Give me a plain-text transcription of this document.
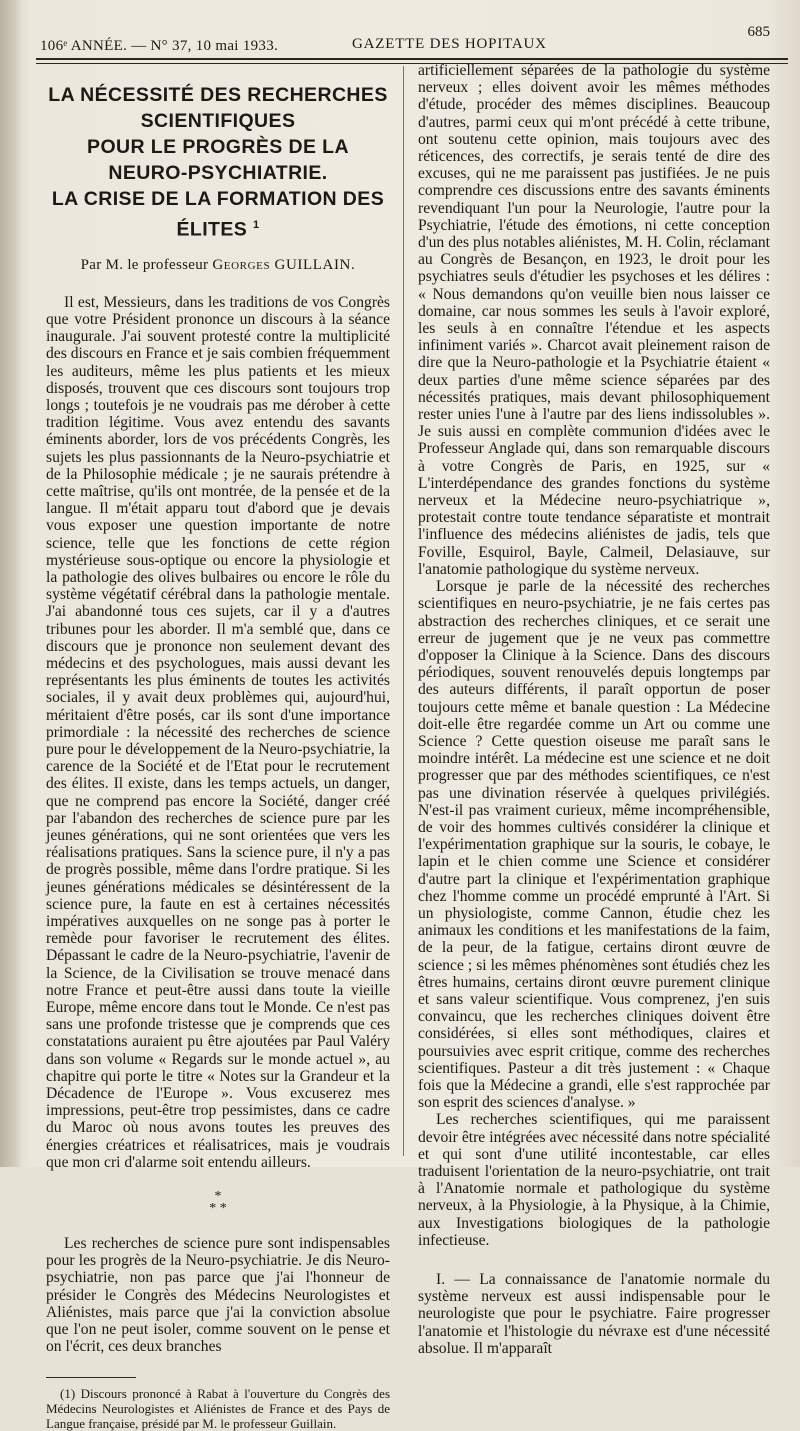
106ᵉ ANNÉE. — N° 37, 10 mai 1933.	GAZETTE DES HOPITAUX
685
LA NÉCESSITÉ DES RECHERCHES SCIENTIFIQUES
POUR LE PROGRÈS DE LA NEURO-PSYCHIATRIE.
LA CRISE DE LA FORMATION DES ÉLITES $^1$
Par M. le professeur Georges GUILLAIN.

Il est, Messieurs, dans les traditions de vos Congrès que votre Président prononce un discours à la séance inaugurale. J'ai souvent protesté contre la multiplicité des discours en France et je sais combien fréquemment les auditeurs, même les plus patients et les mieux disposés, trouvent que ces discours sont toujours trop longs ; toutefois je ne voudrais pas me dérober à cette tradition légitime. Vous avez entendu des savants éminents aborder, lors de vos précédents Congrès, les sujets les plus passionnants de la Neuro-psychiatrie et de la Philosophie médicale ; je ne saurais prétendre à cette maîtrise, qu'ils ont montrée, de la pensée et de la langue. Il m'était apparu tout d'abord que je devais vous exposer une question importante de notre science, telle que les fonctions de cette région mystérieuse sous-optique ou encore la physiologie et la pathologie des olives bulbaires ou encore le rôle du système végétatif cérébral dans la pathologie mentale. J'ai abandonné tous ces sujets, car il y a d'autres tribunes pour les aborder. Il m'a semblé que, dans ce discours que je prononce non seulement devant des médecins et des psychologues, mais aussi devant les représentants les plus éminents de toutes les activités sociales, il y avait deux problèmes qui, aujourd'hui, méritaient d'être posés, car ils sont d'une importance primordiale : la nécessité des recherches de science pure pour le développement de la Neuro-psychiatrie, la carence de la Société et de l'Etat pour le recrutement des élites. Il existe, dans les temps actuels, un danger, que ne comprend pas encore la Société, danger créé par l'abandon des recherches de science pure par les jeunes générations, qui ne sont orientées que vers les réalisations pratiques. Sans la science pure, il n'y a pas de progrès possible, même dans l'ordre pratique. Si les jeunes générations médicales se désintéressent de la science pure, la faute en est à certaines nécessités impératives auxquelles on ne songe pas à porter le remède pour favoriser le recrutement des élites. Dépassant le cadre de la Neuro-psychiatrie, l'avenir de la Science, de la Civilisation se trouve menacé dans notre France et peut-être aussi dans toute la vieille Europe, même encore dans tout le Monde. Ce n'est pas sans une profonde tristesse que je comprends que ces constatations auraient pu être ajoutées par Paul Valéry dans son volume « Regards sur le monde actuel », au chapitre qui porte le titre « Notes sur la Grandeur et la Décadence de l'Europe ». Vous excuserez mes impressions, peut-être trop pessimistes, dans ce cadre du Maroc où nous avons toutes les preuves des énergies créatrices et réalisatrices, mais je voudrais que mon cri d'alarme soit entendu ailleurs.

*
* *

Les recherches de science pure sont indispensables pour les progrès de la Neuro-psychiatrie. Je dis Neuro-psychiatrie, non pas parce que j'ai l'honneur de présider le Congrès des Médecins Neurologistes et Aliénistes, mais parce que j'ai la conviction absolue que l'on ne peut isoler, comme souvent on le pense et on l'écrit, ces deux branches

(1) Discours prononcé à Rabat à l'ouverture du Congrès des Médecins Neurologistes et Aliénistes de France et des Pays de Langue française, présidé par M. le professeur Guillain.

artificiellement séparées de la pathologie du système nerveux ; elles doivent avoir les mêmes méthodes d'étude, procéder des mêmes disciplines. Beaucoup d'autres, parmi ceux qui m'ont précédé à cette tribune, ont soutenu cette opinion, mais toujours avec des réticences, des correctifs, je serais tenté de dire des excuses, qui ne me paraissent pas justifiées. Je ne puis comprendre ces discussions entre des savants éminents revendiquant l'un pour la Neurologie, l'autre pour la Psychiatrie, l'étude des émotions, ni cette conception d'un des plus notables aliénistes, M. H. Colin, réclamant au Congrès de Besançon, en 1923, le droit pour les psychiatres seuls d'étudier les psychoses et les délires : « Nous demandons qu'on veuille bien nous laisser ce domaine, car nous sommes les seuls à l'avoir exploré, les seuls à en connaître l'étendue et les aspects infiniment variés ». Charcot avait pleinement raison de dire que la Neuro-pathologie et la Psychiatrie étaient « deux parties d'une même science séparées par des nécessités pratiques, mais devant philosophiquement rester unies l'une à l'autre par des liens indissolubles ». Je suis aussi en complète communion d'idées avec le Professeur Anglade qui, dans son remarquable discours à votre Congrès de Paris, en 1925, sur « L'interdépendance des grandes fonctions du système nerveux et la Médecine neuro-psychiatrique », protestait contre toute tendance séparatiste et montrait l'influence des médecins aliénistes de jadis, tels que Foville, Esquirol, Bayle, Calmeil, Delasiauve, sur l'anatomie pathologique du système nerveux.

Lorsque je parle de la nécessité des recherches scientifiques en neuro-psychiatrie, je ne fais certes pas abstraction des recherches cliniques, et ce serait une erreur de jugement que je ne veux pas commettre d'opposer la Clinique à la Science. Dans des discours périodiques, souvent renouvelés depuis longtemps par des auteurs différents, il paraît opportun de poser toujours cette même et banale question : La Médecine doit-elle être regardée comme un Art ou comme une Science ? Cette question oiseuse me paraît sans le moindre intérêt. La médecine est une science et ne doit progresser que par des méthodes scientifiques, ce n'est pas une divination réservée à quelques privilégiés. N'est-il pas vraiment curieux, même incompréhensible, de voir des hommes cultivés considérer la clinique et l'expérimentation graphique sur la souris, le cobaye, le lapin et le chien comme une Science et considérer d'autre part la clinique et l'expérimentation graphique chez l'homme comme un procédé emprunté à l'Art. Si un physiologiste, comme Cannon, étudie chez les animaux les conditions et les manifestations de la faim, de la peur, de la fatigue, certains diront œuvre de science ; si les mêmes phénomènes sont étudiés chez les êtres humains, certains diront œuvre purement clinique et sans valeur scientifique. Vous comprenez, j'en suis convaincu, que les recherches cliniques doivent être considérées, si elles sont méthodiques, claires et poursuivies avec esprit critique, comme des recherches scientifiques. Pasteur a dit très justement : « Chaque fois que la Médecine a grandi, elle s'est rapprochée par son esprit des sciences d'analyse. »

Les recherches scientifiques, qui me paraissent devoir être intégrées avec nécessité dans notre spécialité et qui sont d'une utilité incontestable, car elles traduisent l'orientation de la neuro-psychiatrie, ont trait à l'Anatomie normale et pathologique du système nerveux, à la Physiologie, à la Physique, à la Chimie, aux Investigations biologiques de la pathologie infectieuse.

I. — La connaissance de l'anatomie normale du système nerveux est aussi indispensable pour le neurologiste que pour le psychiatre. Faire progresser l'anatomie et l'histologie du névraxe est d'une nécessité absolue. Il m'apparaît
